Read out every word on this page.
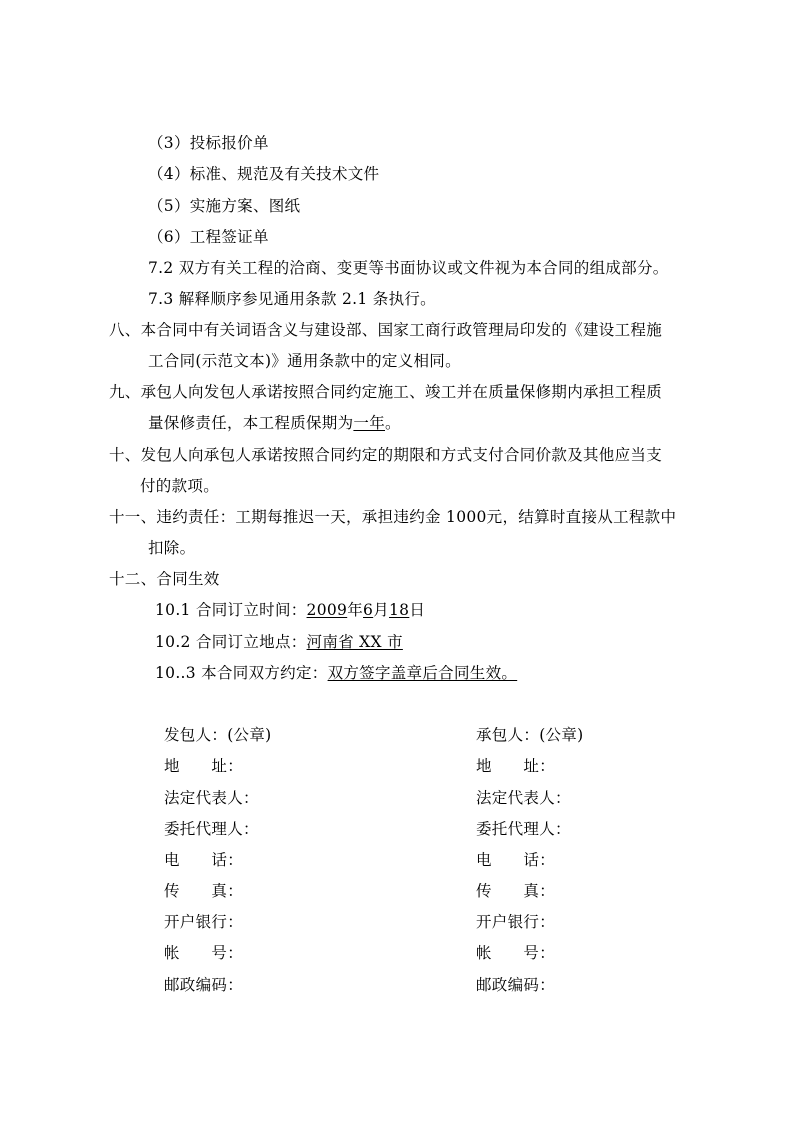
（3）投标报价单
（4）标准、规范及有关技术文件
（5）实施方案、图纸
（6）工程签证单
7.2 双方有关工程的洽商、变更等书面协议或文件视为本合同的组成部分。
7.3 解释顺序参见通用条款 2.1 条执行。
八、本合同中有关词语含义与建设部、国家工商行政管理局印发的《建设工程施
工合同(示范文本)》通用条款中的定义相同。
九、承包人向发包人承诺按照合同约定施工、竣工并在质量保修期内承担工程质
量保修责任，本工程质保期为一年。
十、发包人向承包人承诺按照合同约定的期限和方式支付合同价款及其他应当支
付的款项。
十一、违约责任：工期每推迟一天，承担违约金 1000元，结算时直接从工程款中
扣除。
十二、合同生效
10.1 合同订立时间：2009年6月18日
10.2 合同订立地点：河南省 XX 市
10..3 本合同双方约定：双方签字盖章后合同生效。
发包人：(公章)
地　　址：
法定代表人：
委托代理人：
电　　话：
传　　真：
开户银行：
帐　　号：
邮政编码：
承包人：(公章)
地　　址：
法定代表人：
委托代理人：
电　　话：
传　　真：
开户银行：
帐　　号：
邮政编码：
